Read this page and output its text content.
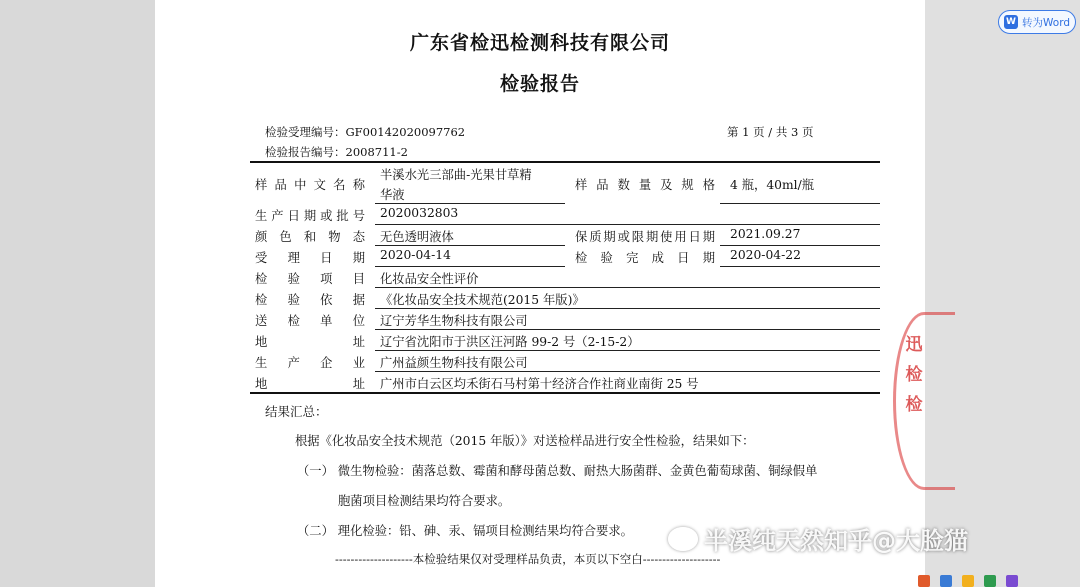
广东省检迅检测科技有限公司
检验报告
检验受理编号：GF00142020097762
检验报告编号：2008711-2
第 1 页 / 共 3 页
样品中文名称
半溪水光三部曲-光果甘草精
华液
样品数量及规格 4 瓶，40ml/瓶
生产日期或批号 2020032803
颜色和物态 无色透明液体	保质期或限期使用日期 2021.09.27
受理日期 2020-04-14	检验完成日期 2020-04-22
检验项目 化妆品安全性评价
检验依据 《化妆品安全技术规范(2015 年版)》
送检单位 辽宁芳华生物科技有限公司
地址 辽宁省沈阳市于洪区汪河路 99-2 号（2-15-2）
生产企业 广州益颜生物科技有限公司
地址 广州市白云区均禾街石马村第十经济合作社商业南街 25 号
结果汇总：
根据《化妆品安全技术规范（2015 年版）》对送检样品进行安全性检验，结果如下：
（一） 微生物检验：菌落总数、霉菌和酵母菌总数、耐热大肠菌群、金黄色葡萄球菌、铜绿假单
胞菌项目检测结果均符合要求。
（二） 理化检验：铅、砷、汞、镉项目检测结果均符合要求。
--------------------本检验结果仅对受理样品负责，本页以下空白--------------------
迅检检
W 转为Word
半溪纯天然知乎@大脸猫
